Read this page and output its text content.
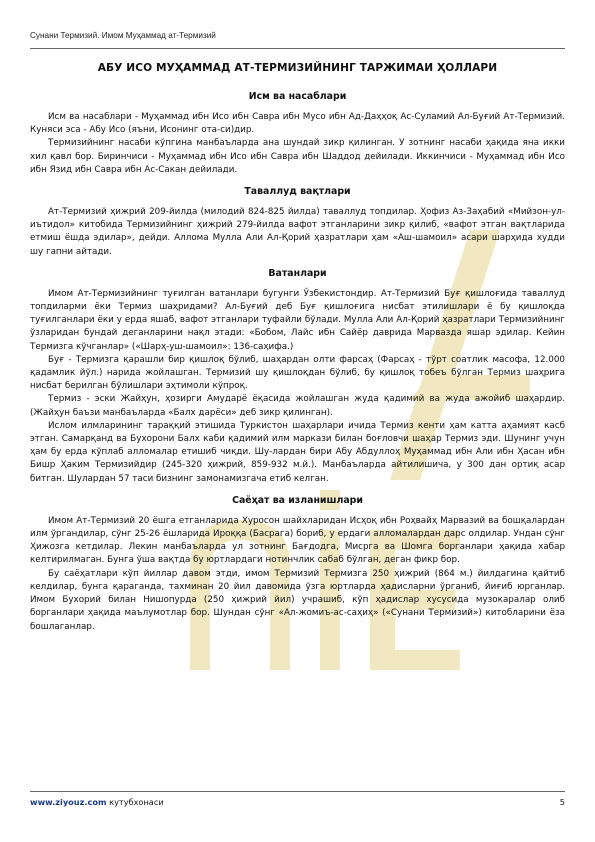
Сунани Термизий. Имом Муҳаммад ат-Термизий
АБУ ИСО МУҲАММАД АТ-ТЕРМИЗИЙНИНГ ТАРЖИМАИ ҲОЛЛАРИ
Исм ва насаблари

Исм ва насаблари - Муҳаммад ибн Исо ибн Савра ибн Мусо ибн Ад-Даҳҳоқ Ас-Суламий Ал-Буғий Ат-Термизий. Куняси эса - Абу Исо (яъни, Исонинг ота-си)дир.

Термизийнинг насаби кўпгина манбаъларда ана шундай зикр қилинган. У зотнинг насаби ҳақида яна икки хил қавл бор. Биринчиси - Муҳаммад ибн Исо ибн Савра ибн Шаддод дейилади. Иккинчиси - Муҳаммад ибн Исо ибн Язид ибн Савра ибн Ас-Сакан дейилади.

Таваллуд вақтлари

Ат-Термизий ҳижрий 209-йилда (милодий 824-825 йилда) таваллуд топдилар. Ҳофиз Аз-Заҳабий «Мийзон-ул-иътидол» китобида Термизийнинг ҳижрий 279-йилда вафот этганларини зикр қилиб, «вафот этган вақтларида етмиш ёшда эдилар», дейди. Аллома Мулла Али Ал-Қорий ҳазратлари ҳам «Аш-шамоил» асари шарҳида худди шу гапни айтади.

Ватанлари

Имом Ат-Термизийнинг туғилган ватанлари бугунги Ўзбекистондир. Ат-Термизий Буғ қишлоғида таваллуд топдиларми ёки Термиз шаҳридами? Ал-Буғий деб Буғ қишлоғига нисбат этилишлари ё бу қишлоқда туғилганлари ёки у ерда яшаб, вафот этганлари туфайли бўлади. Мулла Али Ал-Қорий ҳазратлари Термизийнинг ўзларидан бундай деганларини нақл этади: «Бобом, Лайс ибн Сайёр даврида Марвазда яшар эдилар. Кейин Термизга кўчганлар» («Шарҳ-уш-шамоил»: 136-саҳифа.)

Буғ - Термизга қарашли бир қишлоқ бўлиб, шаҳардан олти фарсаҳ (Фарсаҳ - тўрт соатлик масофа, 12.000 қадамлик йўл.) нарида жойлашган. Термизий шу қишлоқдан бўлиб, бу қишлоқ тобеъ бўлган Термиз шаҳрига нисбат берилган бўлишлари эҳтимоли кўпроқ.

Термиз - эски Жайҳун, ҳозирги Амударё ёқасида жойлашган жуда қадимий ва жуда ажойиб шаҳардир. (Жайҳун баъзи манбаъларда «Балх дарёси» деб зикр қилинган).

Ислом илмларининг тараққий этишида Туркистон шаҳарлари ичида Термиз кенти ҳам катта аҳамият касб этган. Самарқанд ва Бухорони Балх каби қадимий илм маркази билан боғловчи шаҳар Термиз эди. Шунинг учун ҳам бу ерда кўплаб алломалар етишиб чиқди. Шу-лардан бири Абу Абдуллоҳ Муҳаммад ибн Али ибн Ҳасан ибн Бишр Ҳаким Термизийдир (245-320 ҳижрий, 859-932 м.й.). Манбаъларда айтилишича, у 300 дан ортиқ асар битган. Шулардан 57 таси бизнинг замонамизгача етиб келган.

Саёҳат ва изланишлари

Имом Ат-Термизий 20 ёшга етганларида Хуросон шайхларидан Исҳоқ ибн Роҳвайҳ Марвазий ва бошқалардан илм ўргандилар, сўнг 25-26 ёшларида Ироққа (Басрага) бориб, у ердаги алломалардан дарс олдилар. Ундан сўнг Ҳижозга кетдилар. Лекин манбаъларда ул зотнинг Бағдодга, Мисрга ва Шомга борганлари ҳақида хабар келтирилмаган. Бунга ўша вақтда бу юртлардаги нотинчлик сабаб бўлган, деган фикр бор.

Бу саёҳатлари кўп йиллар давом этди, имом Термизий Термизга 250 ҳижрий (864 м.) йилдагина қайтиб келдилар, бунга қараганда, тахминан 20 йил давомида ўзга юртларда ҳадисларни ўрганиб, йиғиб юрганлар. Имом Бухорий билан Нишопурда (250 ҳижрий йил) учрашиб, кўп ҳадислар хусусида музокаралар олиб борганлари ҳақида маълумотлар бор. Шундан сўнг «Ал-жомиъ-ас-саҳиҳ» («Сунани Термизий») китобларини ёза бошлаганлар.

www.ziyouz.com кутубхонаси	5
